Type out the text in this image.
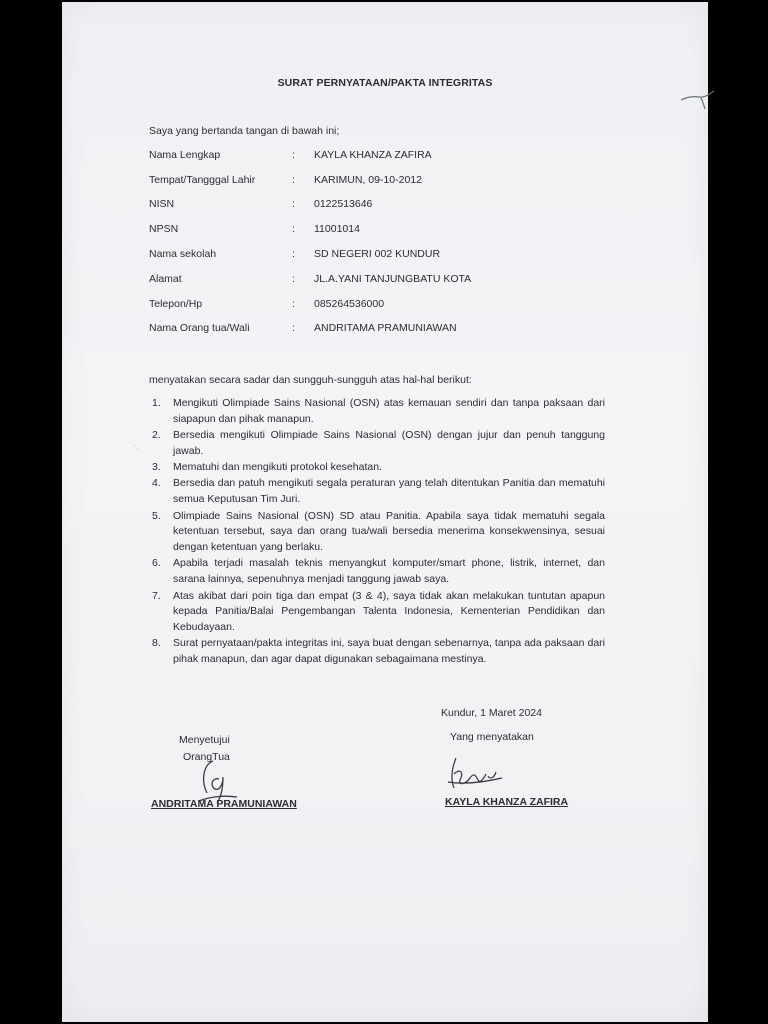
SURAT PERNYATAAN/PAKTA INTEGRITAS
˙·
Saya yang bertanda tangan di bawah ini;
Nama Lengkap	: KAYLA KHANZA ZAFIRA
Tempat/Tangggal Lahir	: KARIMUN, 09-10-2012
NISN	: 0122513646
NPSN	: 11001014
Nama sekolah	: SD NEGERI 002 KUNDUR
Alamat	: JL.A.YANI TANJUNGBATU KOTA
Telepon/Hp	: 085264536000
Nama Orang tua/Wali	: ANDRITAMA PRAMUNIAWAN
menyatakan secara sadar dan sungguh-sungguh atas hal-hal berikut:
1. Mengikuti Olimpiade Sains Nasional (OSN) atas kemauan sendiri dan tanpa paksaan dari siapapun dan pihak manapun.
2. Bersedia mengikuti Olimpiade Sains Nasional (OSN) dengan jujur dan penuh tanggung jawab.
3. Mematuhi dan mengikuti protokol kesehatan.
4. Bersedia dan patuh mengikuti segala peraturan yang telah ditentukan Panitia dan mematuhi semua Keputusan Tim Juri.
5. Olimpiade Sains Nasional (OSN) SD atau Panitia. Apabila saya tidak mematuhi segala ketentuan tersebut, saya dan orang tua/wali bersedia menerima konsekwensinya, sesuai dengan ketentuan yang berlaku.
6. Apabila terjadi masalah teknis menyangkut komputer/smart phone, listrik, internet, dan sarana lainnya, sepenuhnya menjadi tanggung jawab saya.
7. Atas akibat dari poin tiga dan empat (3 & 4), saya tidak akan melakukan tuntutan apapun kepada Panitia/Balai Pengembangan Talenta Indonesia, Kementerian Pendidikan dan Kebudayaan.
8. Surat pernyataan/pakta integritas ini, saya buat dengan sebenarnya, tanpa ada paksaan dari pihak manapun, dan agar dapat digunakan sebagaimana mestinya.
Kundur, 1 Maret 2024
Yang menyatakan
Menyetujui
OrangTua
ANDRITAMA PRAMUNIAWAN	KAYLA KHANZA ZAFIRA
